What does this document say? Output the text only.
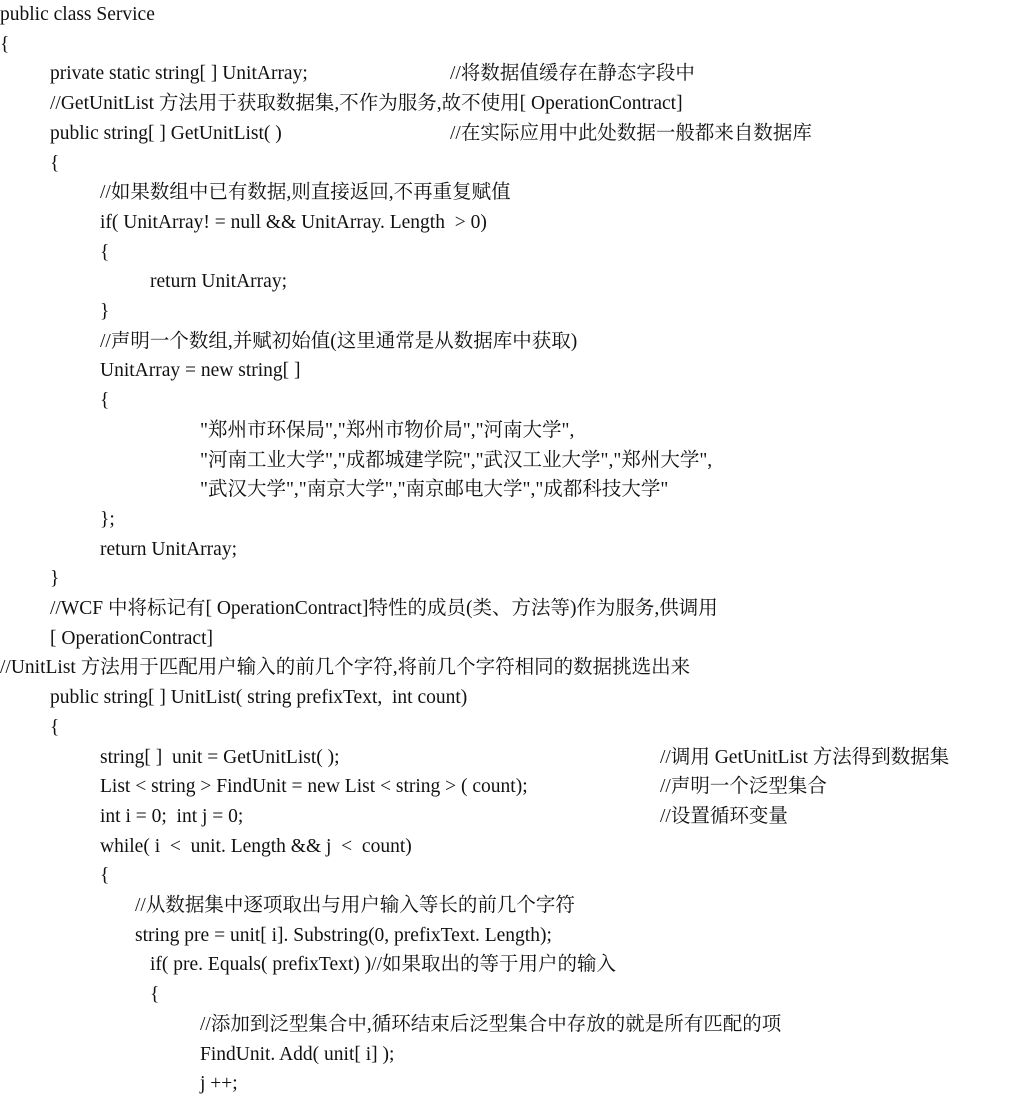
public class Service
{
private static string[ ] UnitArray;	//将数据值缓存在静态字段中
//GetUnitList 方法用于获取数据集,不作为服务,故不使用[ OperationContract]
public string[ ] GetUnitList( )	//在实际应用中此处数据一般都来自数据库
{
//如果数组中已有数据,则直接返回,不再重复赋值
if( UnitArray! = null && UnitArray. Length  > 0)
{
return UnitArray;
}
//声明一个数组,并赋初始值(这里通常是从数据库中获取)
UnitArray = new string[ ]
{
"郑州市环保局","郑州市物价局","河南大学",
"河南工业大学","成都城建学院","武汉工业大学","郑州大学",
"武汉大学","南京大学","南京邮电大学","成都科技大学"
};
return UnitArray;
}
//WCF 中将标记有[ OperationContract]特性的成员(类、方法等)作为服务,供调用
[ OperationContract]
//UnitList 方法用于匹配用户输入的前几个字符,将前几个字符相同的数据挑选出来
public string[ ] UnitList( string prefixText,  int count)
{
string[ ]  unit = GetUnitList( );	//调用 GetUnitList 方法得到数据集
List < string > FindUnit = new List < string > ( count);	//声明一个泛型集合
int i = 0;  int j = 0;	//设置循环变量
while( i  <  unit. Length && j  <  count)
{
//从数据集中逐项取出与用户输入等长的前几个字符
string pre = unit[ i]. Substring(0, prefixText. Length);
if( pre. Equals( prefixText) )//如果取出的等于用户的输入
{
//添加到泛型集合中,循环结束后泛型集合中存放的就是所有匹配的项
FindUnit. Add( unit[ i] );
j ++;
